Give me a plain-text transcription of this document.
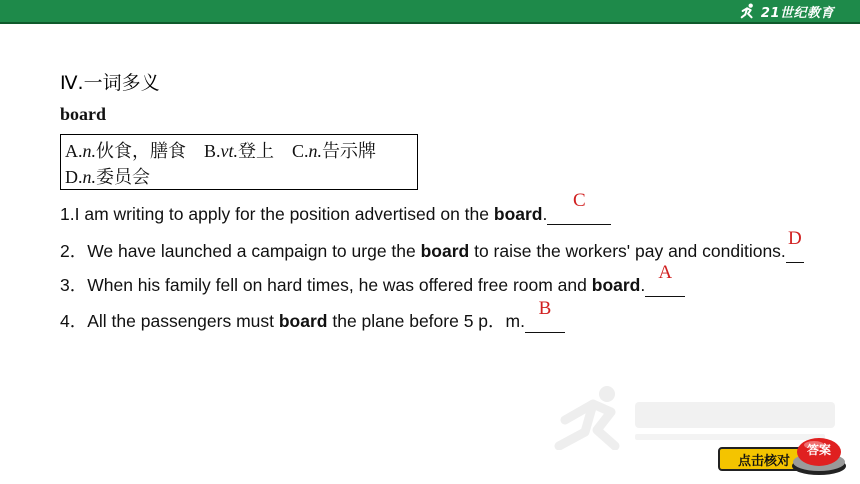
21世纪教育
Ⅳ.一词多义
board
A.n.伙食，膳食 B.vt.登上 C.n.告示牌
D.n.委员会
1.I am writing to apply for the position advertised on the board.
C
2．We have launched a campaign to urge the board to raise the workers' pay and conditions.
D
3．When his family fell on hard times, he was offered free room and board.
A
4．All the passengers must board the plane before 5 p．m.
B
点击核对
答案
